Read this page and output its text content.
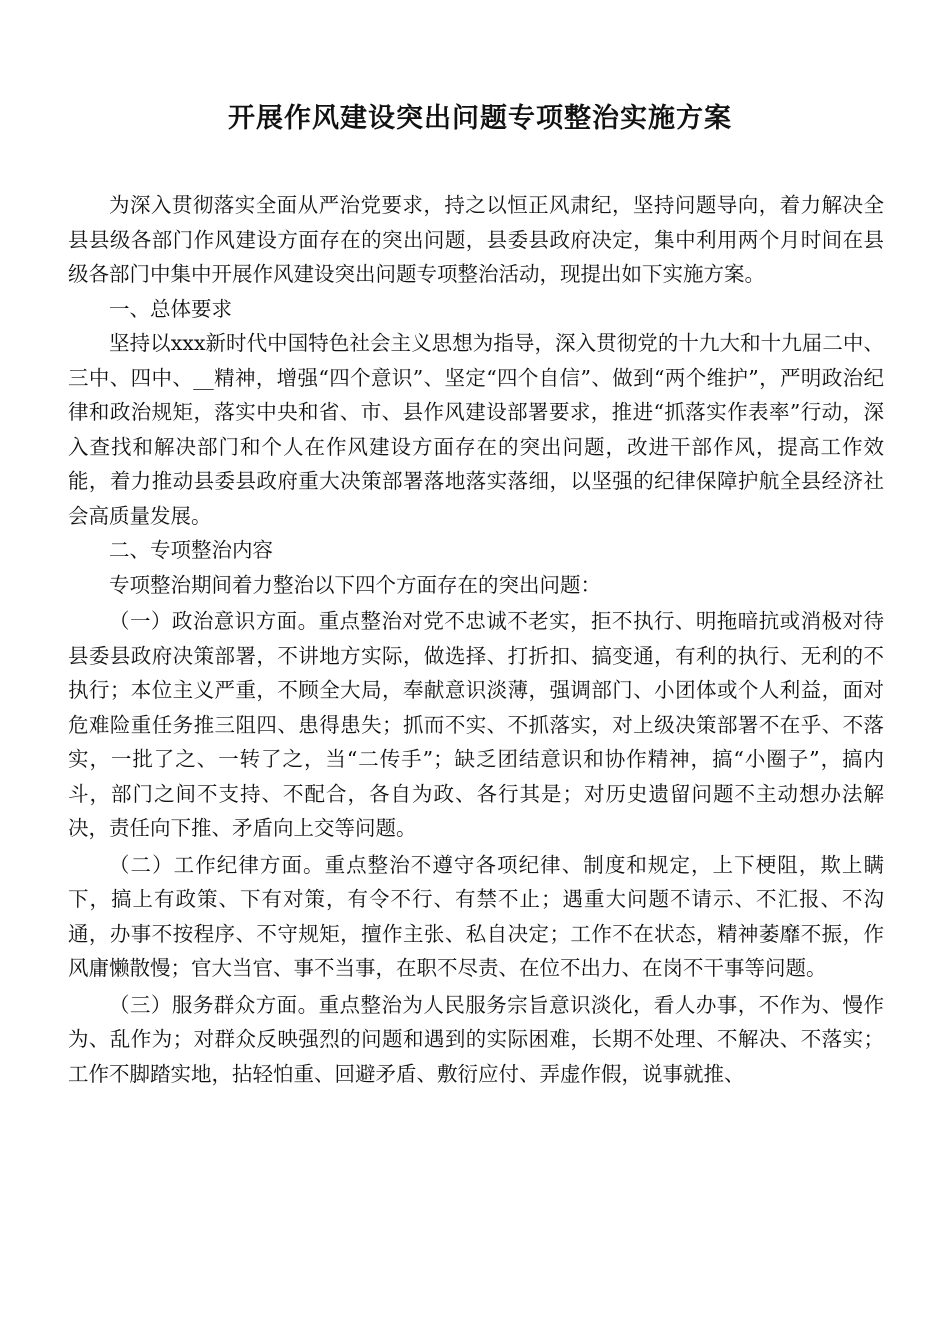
开展作风建设突出问题专项整治实施方案

为深入贯彻落实全面从严治党要求，持之以恒正风肃纪，坚持问题导向，着力解决全县县级各部门作风建设方面存在的突出问题，县委县政府决定，集中利用两个月时间在县级各部门中集中开展作风建设突出问题专项整治活动，现提出如下实施方案。

一、总体要求

坚持以xxx新时代中国特色社会主义思想为指导，深入贯彻党的十九大和十九届二中、三中、四中、__精神，增强“四个意识”、坚定“四个自信”、做到“两个维护”，严明政治纪律和政治规矩，落实中央和省、市、县作风建设部署要求，推进“抓落实作表率”行动，深入查找和解决部门和个人在作风建设方面存在的突出问题，改进干部作风，提高工作效能，着力推动县委县政府重大决策部署落地落实落细，以坚强的纪律保障护航全县经济社会高质量发展。

二、专项整治内容

专项整治期间着力整治以下四个方面存在的突出问题：

（一）政治意识方面。重点整治对党不忠诚不老实，拒不执行、明拖暗抗或消极对待县委县政府决策部署，不讲地方实际，做选择、打折扣、搞变通，有利的执行、无利的不执行；本位主义严重，不顾全大局，奉献意识淡薄，强调部门、小团体或个人利益，面对危难险重任务推三阻四、患得患失；抓而不实、不抓落实，对上级决策部署不在乎、不落实，一批了之、一转了之，当“二传手”；缺乏团结意识和协作精神，搞“小圈子”，搞内斗，部门之间不支持、不配合，各自为政、各行其是；对历史遗留问题不主动想办法解决，责任向下推、矛盾向上交等问题。

（二）工作纪律方面。重点整治不遵守各项纪律、制度和规定，上下梗阻，欺上瞒下，搞上有政策、下有对策，有令不行、有禁不止；遇重大问题不请示、不汇报、不沟通，办事不按程序、不守规矩，擅作主张、私自决定；工作不在状态，精神萎靡不振，作风庸懒散慢；官大当官、事不当事，在职不尽责、在位不出力、在岗不干事等问题。

（三）服务群众方面。重点整治为人民服务宗旨意识淡化，看人办事，不作为、慢作为、乱作为；对群众反映强烈的问题和遇到的实际困难，长期不处理、不解决、不落实；工作不脚踏实地，拈轻怕重、回避矛盾、敷衍应付、弄虚作假，说事就推、
